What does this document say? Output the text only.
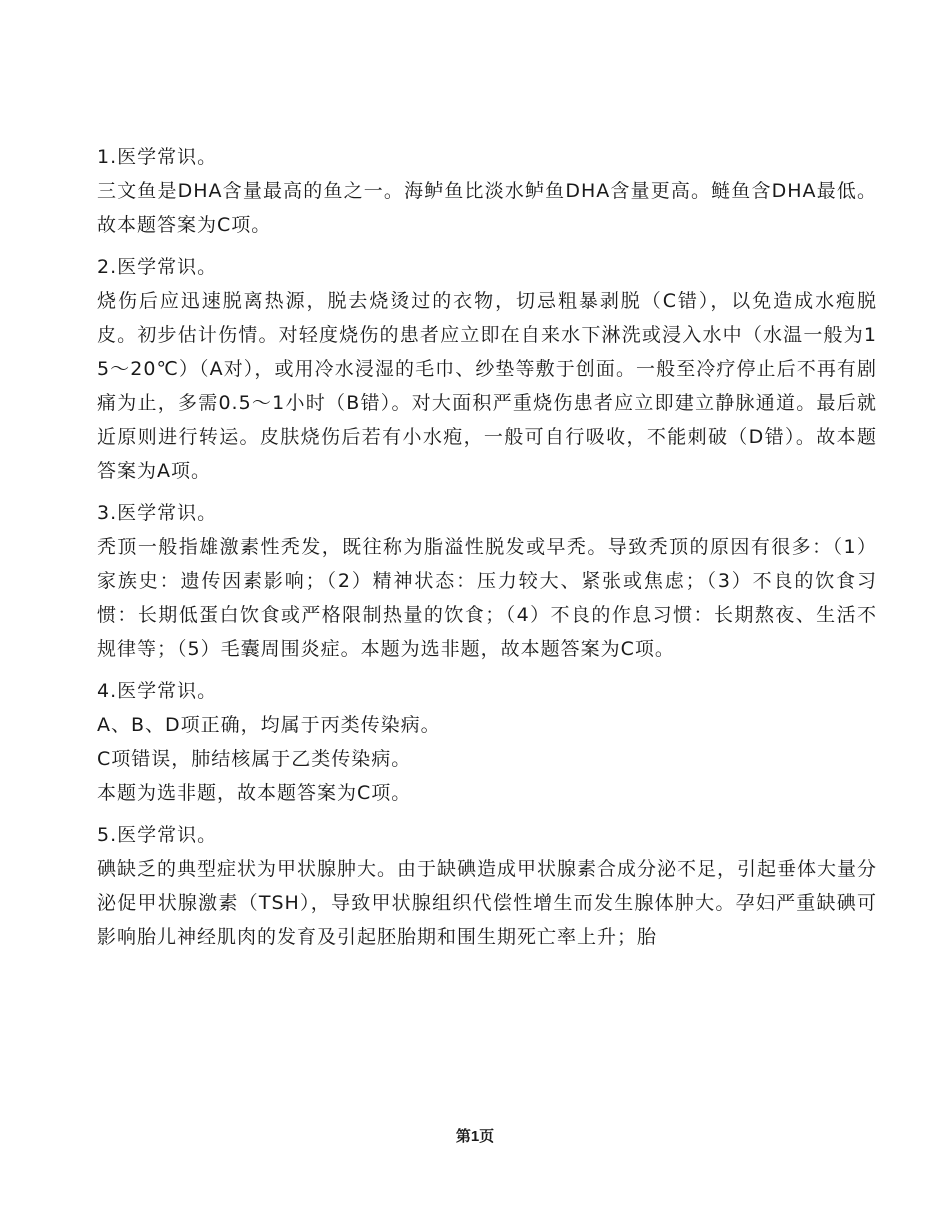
1.医学常识。

三文鱼是DHA含量最高的鱼之一。海鲈鱼比淡水鲈鱼DHA含量更高。鲢鱼含DHA最低。故本题答案为C项。

2.医学常识。

烧伤后应迅速脱离热源，脱去烧烫过的衣物，切忌粗暴剥脱（C错），以免造成水疱脱皮。初步估计伤情。对轻度烧伤的患者应立即在自来水下淋洗或浸入水中（水温一般为15～20℃）（A对），或用冷水浸湿的毛巾、纱垫等敷于创面。一般至冷疗停止后不再有剧痛为止，多需0.5～1小时（B错）。对大面积严重烧伤患者应立即建立静脉通道。最后就近原则进行转运。皮肤烧伤后若有小水疱，一般可自行吸收，不能刺破（D错）。故本题答案为A项。

3.医学常识。

秃顶一般指雄激素性秃发，既往称为脂溢性脱发或早秃。导致秃顶的原因有很多：（1）家族史：遗传因素影响；（2）精神状态：压力较大、紧张或焦虑；（3）不良的饮食习惯：长期低蛋白饮食或严格限制热量的饮食；（4）不良的作息习惯：长期熬夜、生活不规律等；（5）毛囊周围炎症。本题为选非题，故本题答案为C项。

4.医学常识。

A、B、D项正确，均属于丙类传染病。

C项错误，肺结核属于乙类传染病。

本题为选非题，故本题答案为C项。

5.医学常识。

碘缺乏的典型症状为甲状腺肿大。由于缺碘造成甲状腺素合成分泌不足，引起垂体大量分泌促甲状腺激素（TSH），导致甲状腺组织代偿性增生而发生腺体肿大。孕妇严重缺碘可影响胎儿神经肌肉的发育及引起胚胎期和围生期死亡率上升；胎

第1页
